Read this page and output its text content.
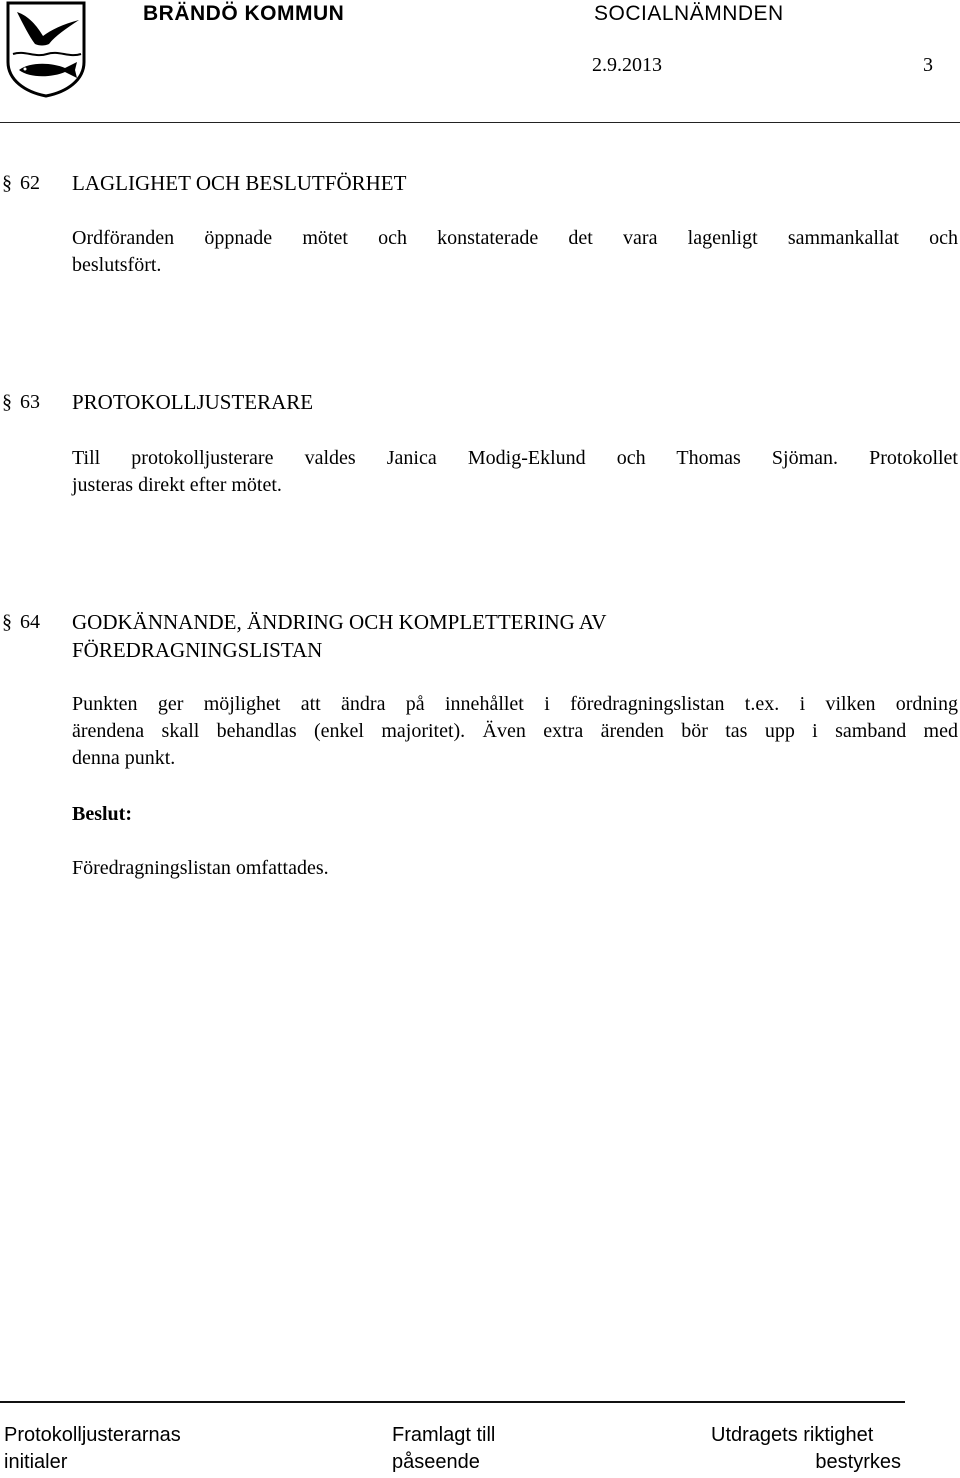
BRÄNDÖ KOMMUN	SOCIALNÄMNDEN
2.9.2013	3
§ 62 LAGLIGHET OCH BESLUTFÖRHET
Ordföranden öppnade mötet och konstaterade det vara lagenligt sammankallat och
beslutsfört.
§ 63 PROTOKOLLJUSTERARE
Till protokolljusterare valdes Janica Modig-Eklund och Thomas Sjöman. Protokollet
justeras direkt efter mötet.
§ 64 GODKÄNNANDE, ÄNDRING OCH KOMPLETTERING AV
FÖREDRAGNINGSLISTAN
Punkten ger möjlighet att ändra på innehållet i föredragningslistan t.ex. i vilken ordning
ärendena skall behandlas (enkel majoritet). Även extra ärenden bör tas upp i samband med
denna punkt.
Beslut:
Föredragningslistan omfattades.
Protokolljusterarnas
initialer
Framlagt till
påseende
Utdragets riktighet
bestyrkes
